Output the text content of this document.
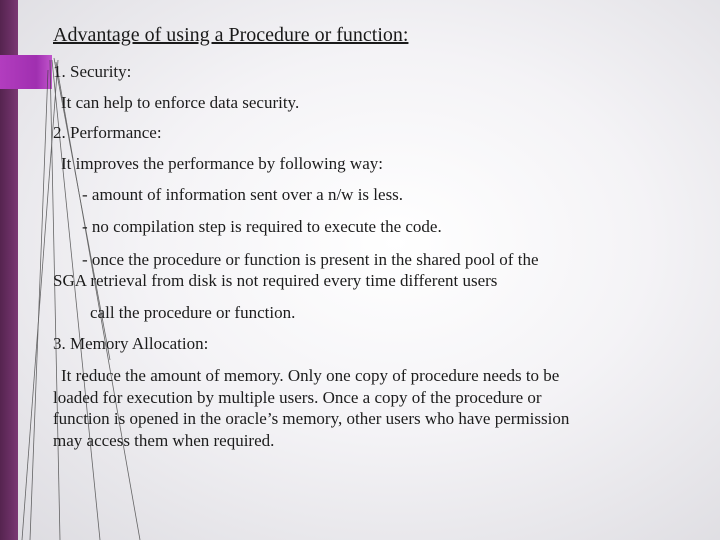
Advantage of using a Procedure or function:
1. Security:
It can help to enforce data security.
2. Performance:
It improves the performance by following way:
- amount of information sent over a n/w is less.
- no compilation step is required to execute the code.
- once the procedure or function is present in the shared pool of the
SGA retrieval from disk is not required every time different users
call the procedure or function.
3. Memory Allocation:
It reduce the amount of memory. Only one copy of procedure needs to be
loaded for execution by multiple users. Once a copy of the procedure or
function is opened in the oracle’s memory, other users who have permission
may access them when required.
